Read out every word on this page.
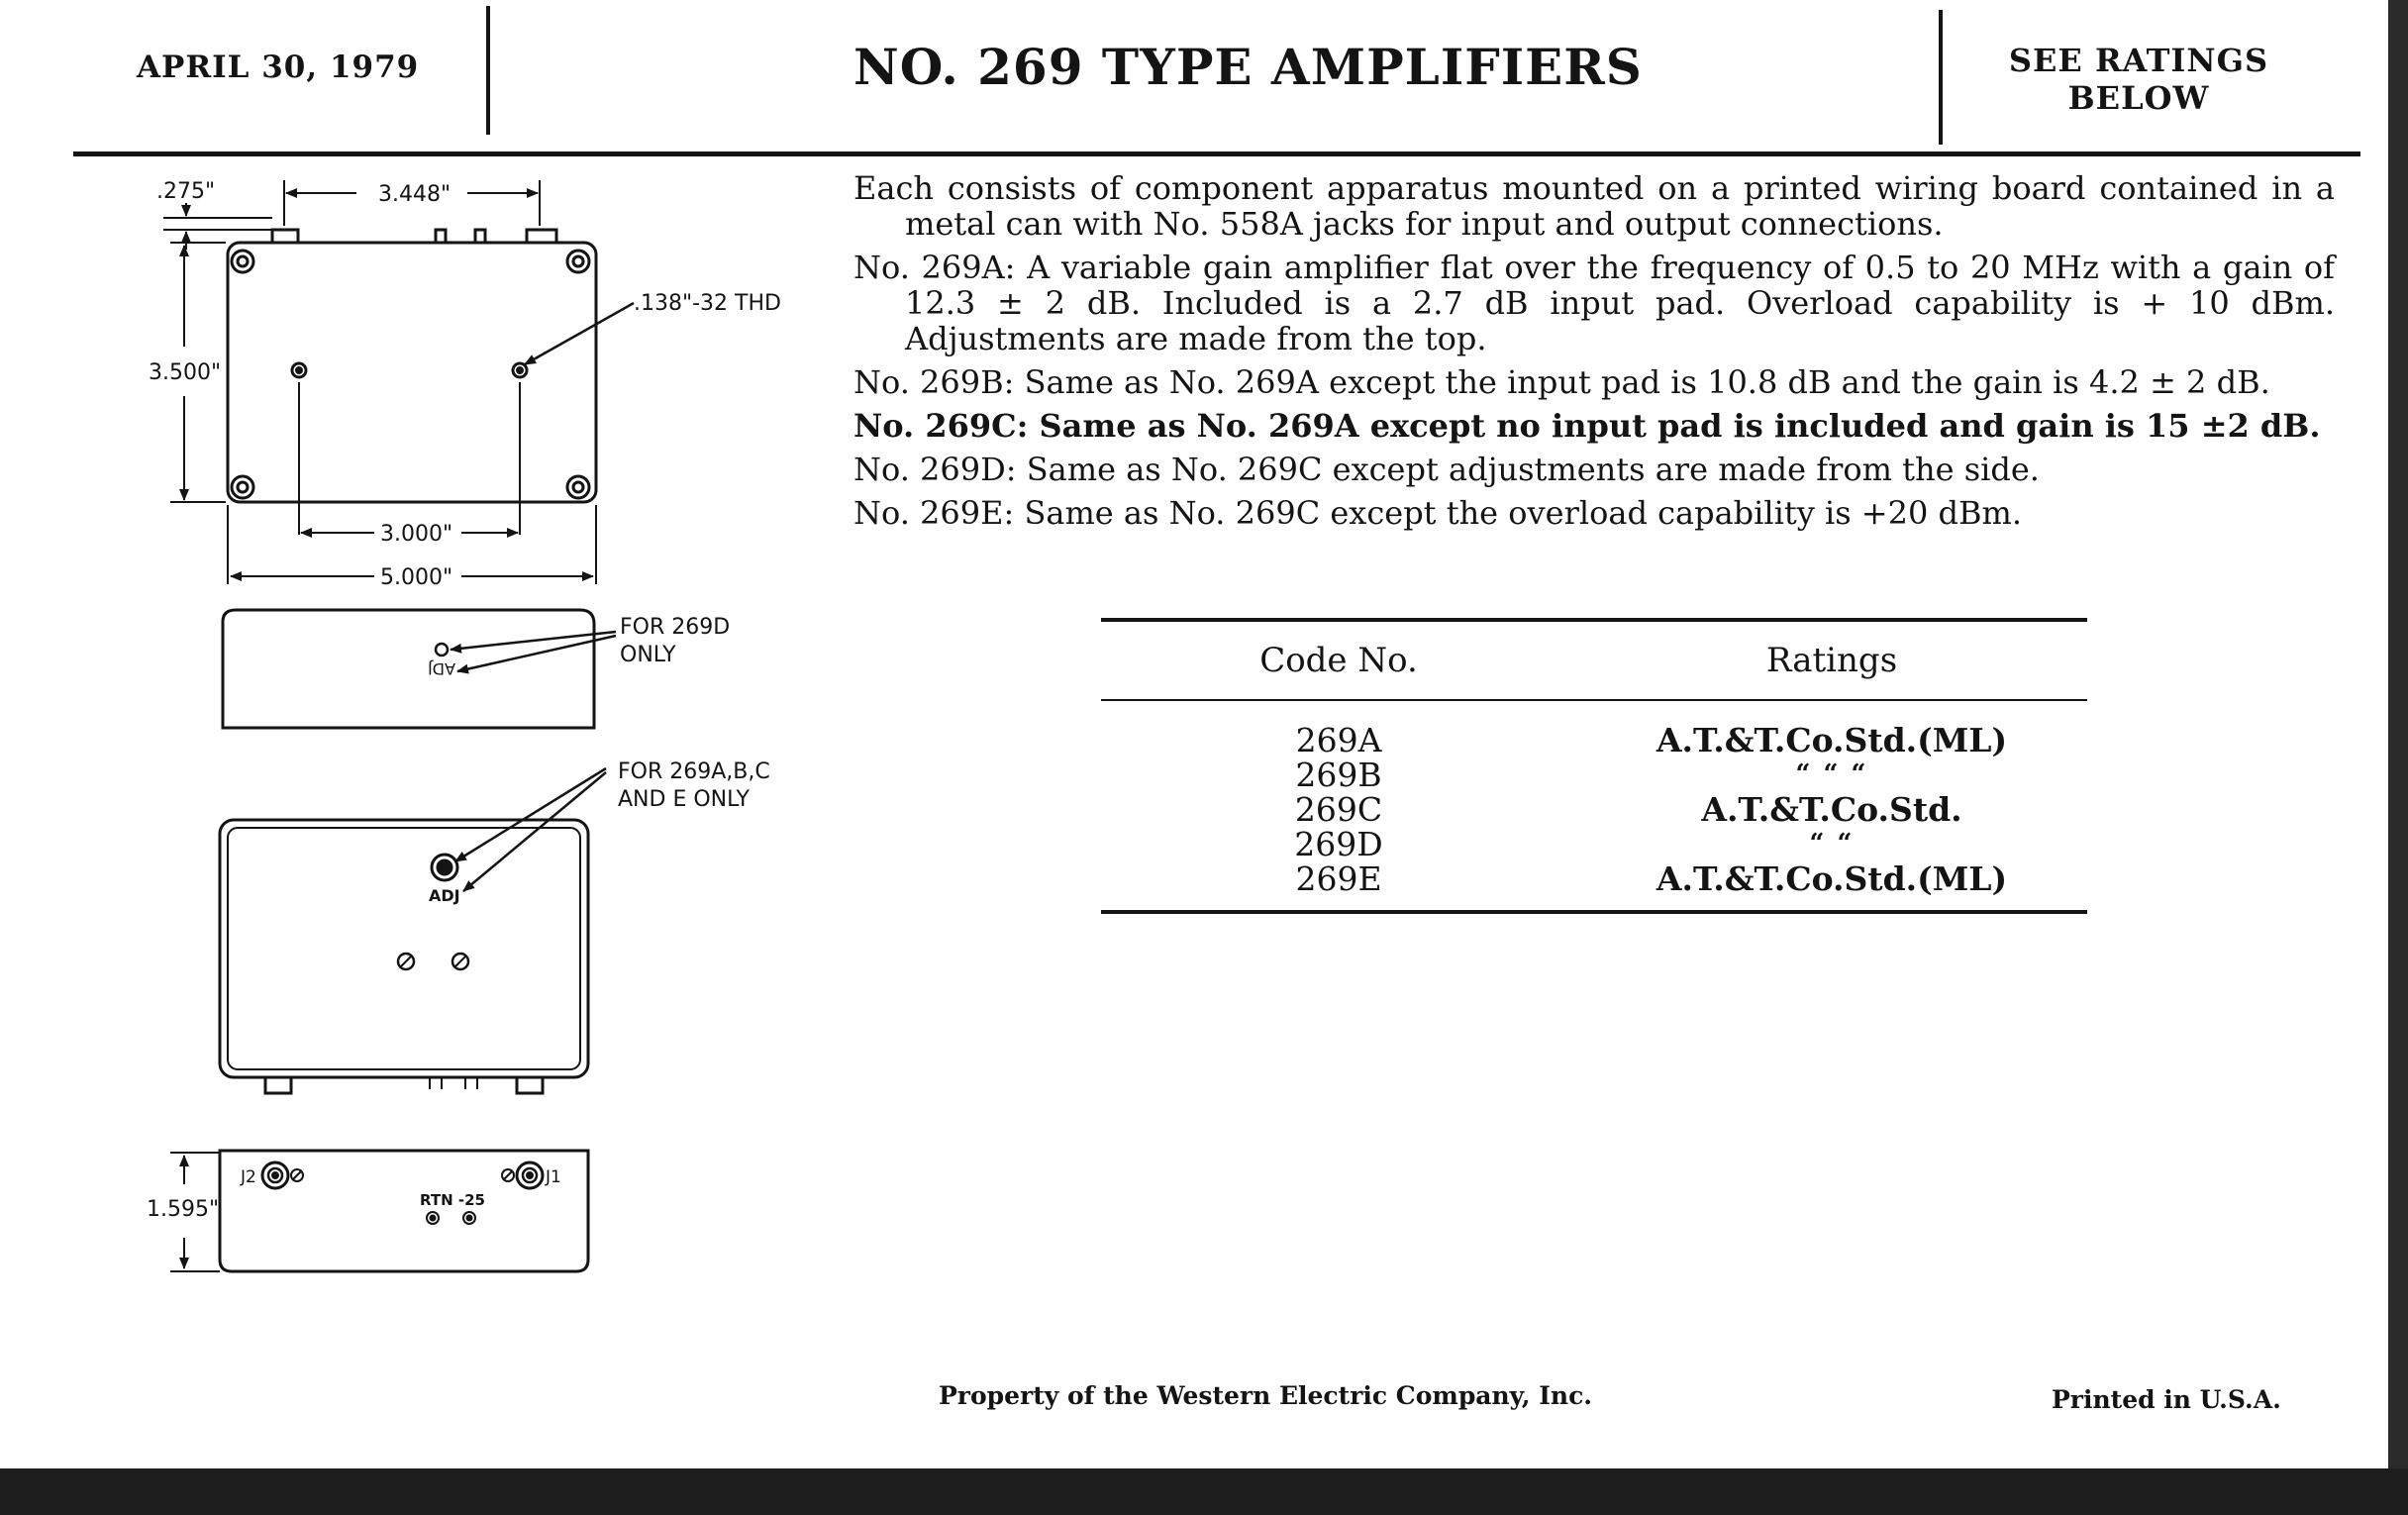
APRIL 30, 1979	NO. 269 TYPE AMPLIFIERS	SEE RATINGS
BELOW

Each consists of component apparatus mounted on a printed wiring board contained in a metal can with No. 558A jacks for input and output connections.

No. 269A: A variable gain amplifier flat over the frequency of 0.5 to 20 MHz with a gain of 12.3 ± 2 dB. Included is a 2.7 dB input pad. Overload capability is + 10 dBm. Adjustments are made from the top.

No. 269B: Same as No. 269A except the input pad is 10.8 dB and the gain is 4.2 ± 2 dB.

No. 269C: Same as No. 269A except no input pad is included and gain is 15 ±2 dB.

No. 269D: Same as No. 269C except adjustments are made from the side.

No. 269E: Same as No. 269C except the overload capability is +20 dBm.

Code No.	Ratings
269A	A.T.&T.Co.Std.(ML)
269B	“ “ “
269C	A.T.&T.Co.Std.
269D	“ “
269E	A.T.&T.Co.Std.(ML)
.275"	3.448"
3.500"
.138"-32 THD
3.000"
5.000"
FOR 269D
ONLY
ADJ
FOR 269A,B,C
AND E ONLY
ADJ
1.595"
J2	J1
RTN -25
Property of the Western Electric Company, Inc.	Printed in U.S.A.
